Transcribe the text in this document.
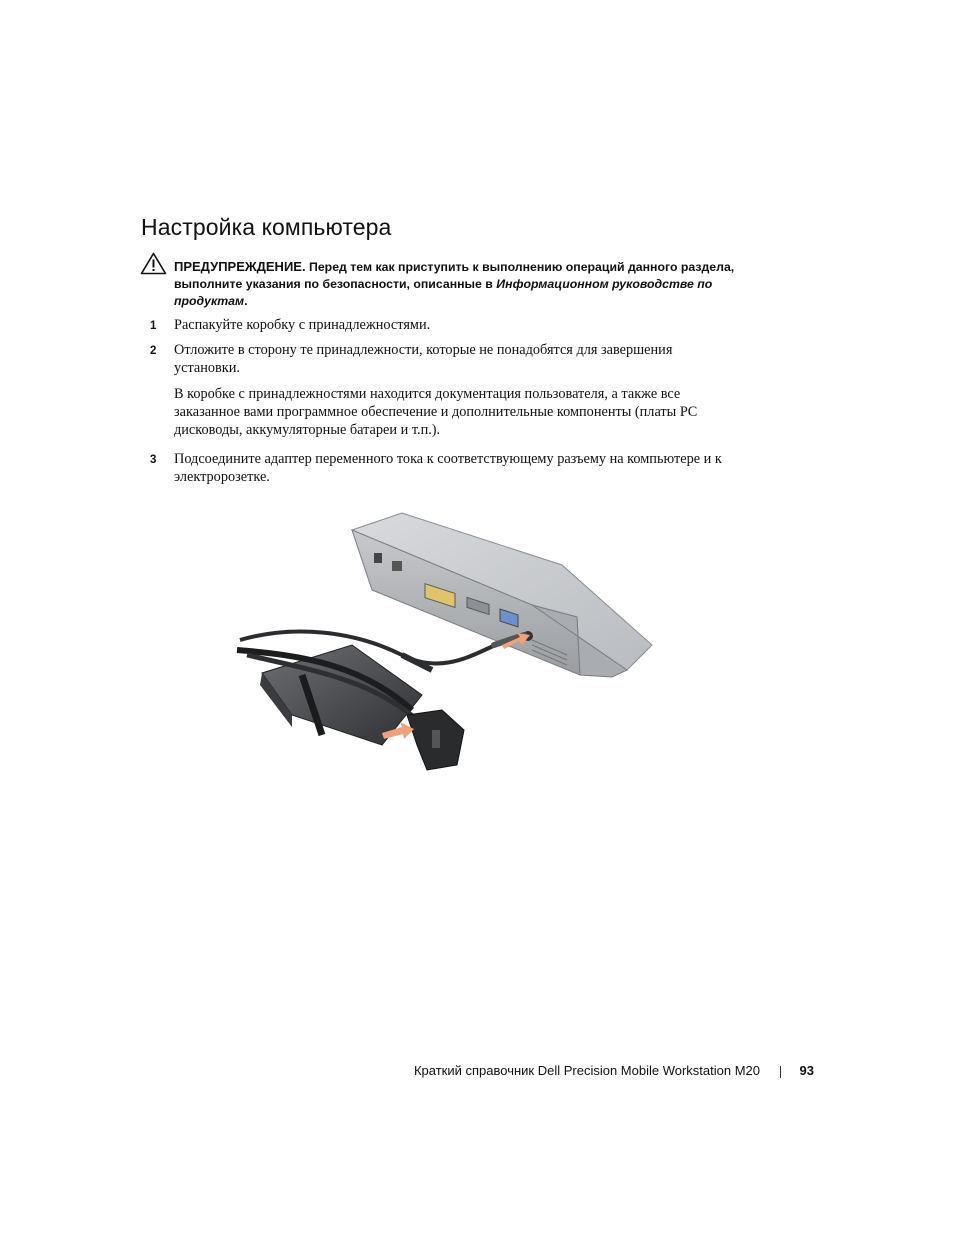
Настройка компьютера
ПРЕДУПРЕЖДЕНИЕ. Перед тем как приступить к выполнению операций данного раздела, выполните указания по безопасности, описанные в Информационном руководстве по продуктам.
1	Распакуйте коробку с принадлежностями.

2	Отложите в сторону те принадлежности, которые не понадобятся для завершения установки.

В коробке с принадлежностями находится документация пользователя, а также все заказанное вами программное обеспечение и дополнительные компоненты (платы PC дисководы, аккумуляторные батареи и т.п.).

3	Подсоедините адаптер переменного тока к соответствующему разъему на компьютере и к электророзетке.

Краткий справочник Dell Precision Mobile Workstation M20	93
